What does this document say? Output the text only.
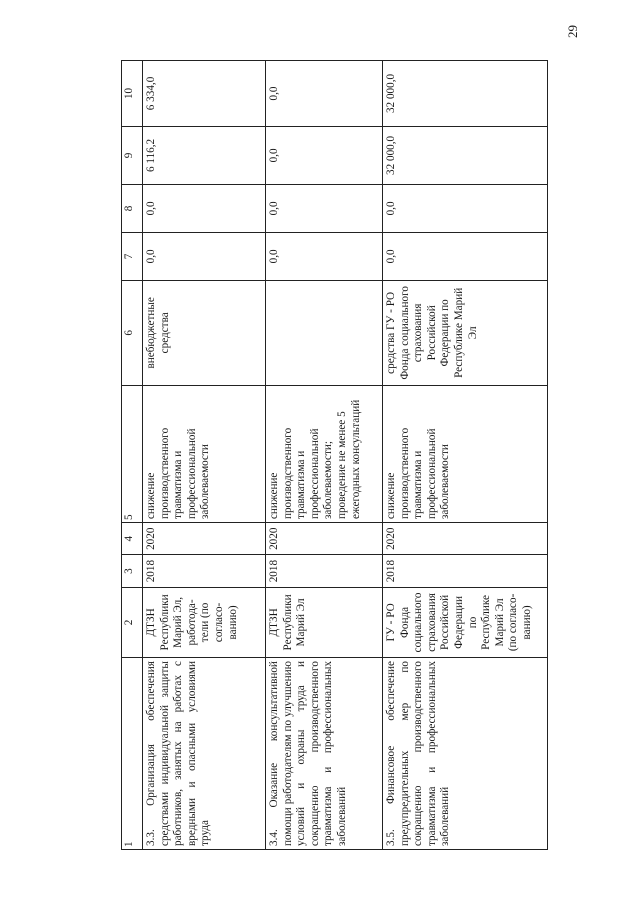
29
1	2	3	4	5	6	7	8	9	10
3.3. Организация обеспечения средствами индивидуальной защиты работников, занятых на работах с вредными и опасными условиями труда	ДТЗН Республики Марий Эл, работода- тели (по согласо- ванию)	2018	2020	снижение производственного травматизма и профессиональной заболеваемости	внебюджетные средства	0,0	0,0	6 116,2	6 334,0
3.4. Оказание консультативной помощи работодателям по улучшению условий и охраны труда и сокращению производственного травматизма и профессиональных заболеваний	ДТЗН Республики Марий Эл	2018	2020	снижение производственного травматизма и профессиональной заболеваемости; проведение не менее 5 ежегодных консультаций		0,0	0,0	0,0	0,0
3.5. Финансовое обеспечение предупредительных мер по сокращению производственного травматизма и профессиональных заболеваний	ГУ - РО Фонда социального страхования Российской Федерации по Республике Марий Эл (по согласо- ванию)	2018	2020	снижение производственного травматизма и профессиональной заболеваемости	средства ГУ - РО Фонда социального страхования Российской Федерации по Республике Марий Эл	0,0	0,0	32 000,0	32 000,0
